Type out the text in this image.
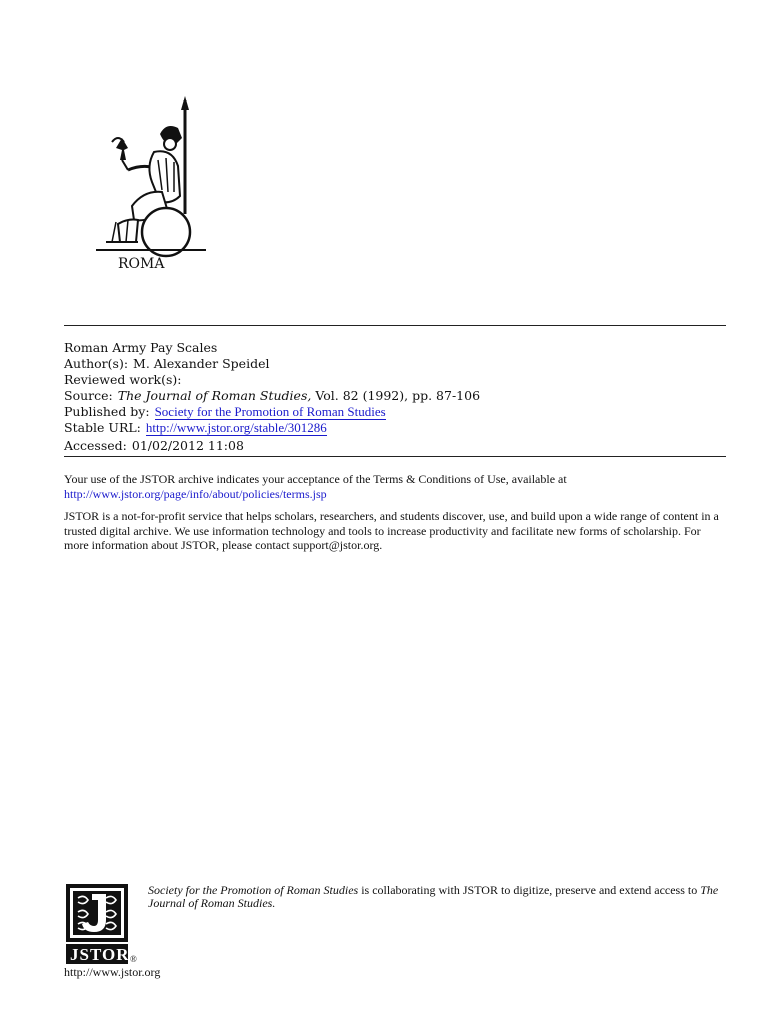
ROMA
Roman Army Pay Scales
Author(s): M. Alexander Speidel
Reviewed work(s):
Source: The Journal of Roman Studies, Vol. 82 (1992), pp. 87-106
Published by: Society for the Promotion of Roman Studies
Stable URL: http://www.jstor.org/stable/301286
Accessed: 01/02/2012 11:08

Your use of the JSTOR archive indicates your acceptance of the Terms & Conditions of Use, available at
http://www.jstor.org/page/info/about/policies/terms.jsp

JSTOR is a not-for-profit service that helps scholars, researchers, and students discover, use, and build upon a wide range of content in a trusted digital archive. We use information technology and tools to increase productivity and facilitate new forms of scholarship. For more information about JSTOR, please contact support@jstor.org.

JSTOR ®
Society for the Promotion of Roman Studies is collaborating with JSTOR to digitize, preserve and extend access to The Journal of Roman Studies.
http://www.jstor.org
